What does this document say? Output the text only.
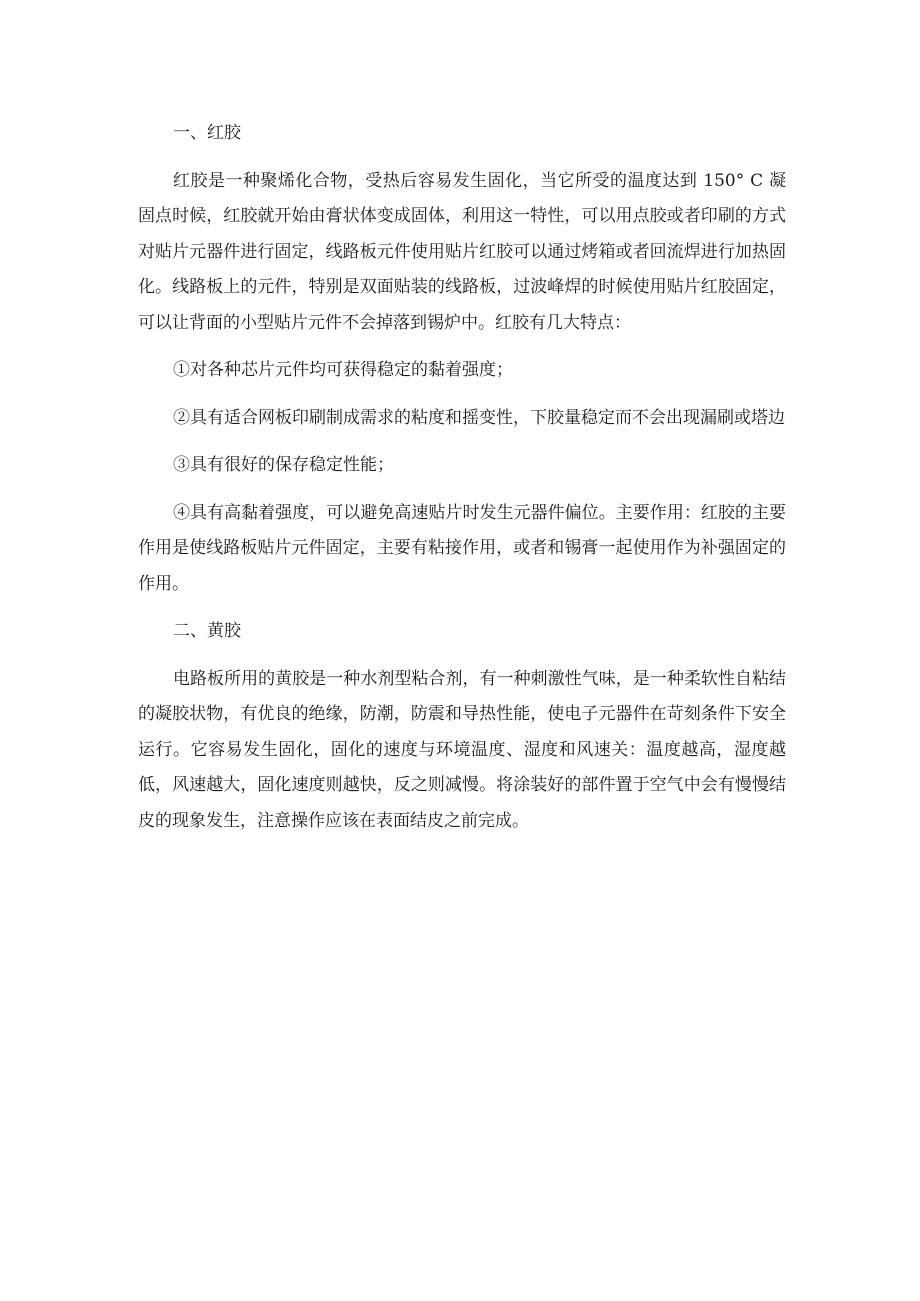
一、红胶
红胶是一种聚烯化合物，受热后容易发生固化，当它所受的温度达到 150° C 凝固点时候，红胶就开始由膏状体变成固体，利用这一特性，可以用点胶或者印刷的方式对贴片元器件进行固定，线路板元件使用贴片红胶可以通过烤箱或者回流焊进行加热固化。线路板上的元件，特别是双面贴装的线路板，过波峰焊的时候使用贴片红胶固定，可以让背面的小型贴片元件不会掉落到锡炉中。红胶有几大特点：
①对各种芯片元件均可获得稳定的黏着强度；
②具有适合网板印刷制成需求的粘度和摇变性，下胶量稳定而不会出现漏刷或塔边
③具有很好的保存稳定性能；
④具有高黏着强度，可以避免高速贴片时发生元器件偏位。主要作用：红胶的主要作用是使线路板贴片元件固定，主要有粘接作用，或者和锡膏一起使用作为补强固定的作用。
二、黄胶
电路板所用的黄胶是一种水剂型粘合剂，有一种刺激性气味，是一种柔软性自粘结的凝胶状物，有优良的绝缘，防潮，防震和导热性能，使电子元器件在苛刻条件下安全运行。它容易发生固化，固化的速度与环境温度、湿度和风速关：温度越高，湿度越低，风速越大，固化速度则越快，反之则减慢。将涂装好的部件置于空气中会有慢慢结皮的现象发生，注意操作应该在表面结皮之前完成。
